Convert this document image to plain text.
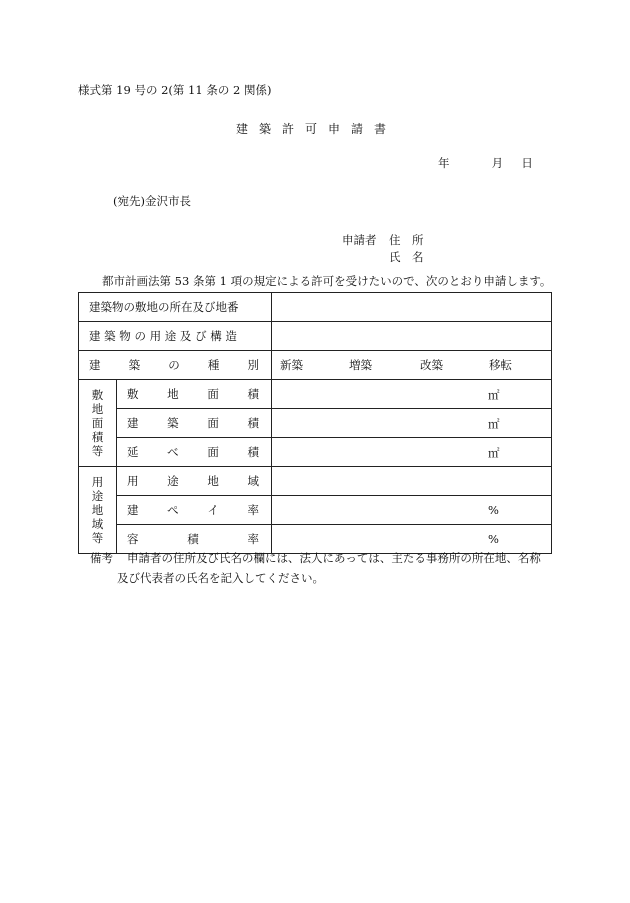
様式第 19 号の 2(第 11 条の 2 関係)
建築許可申請書
年	月 日
(宛先)金沢市長
申請者 住　所
氏　名
都市計画法第 53 条第 1 項の規定による許可を受けたいので、次のとおり申請します。
建築物の敷地の所在及び地番		
建 築 物 の 用 途 及 び 構 造		

建 築 の 種 別		新築 増築 改築 移転

敷
地
面
積
等	敷 地 面 積	㎡

	建 築 面 積	㎡

	延 べ 面 積	㎡

用
途
地
域
等	用 途 地 域	

	建 ぺ イ 率	%

	容 積 率	%
備考 申請者の住所及び氏名の欄には、法人にあっては、主たる事務所の所在地、名称
及び代表者の氏名を記入してください。
